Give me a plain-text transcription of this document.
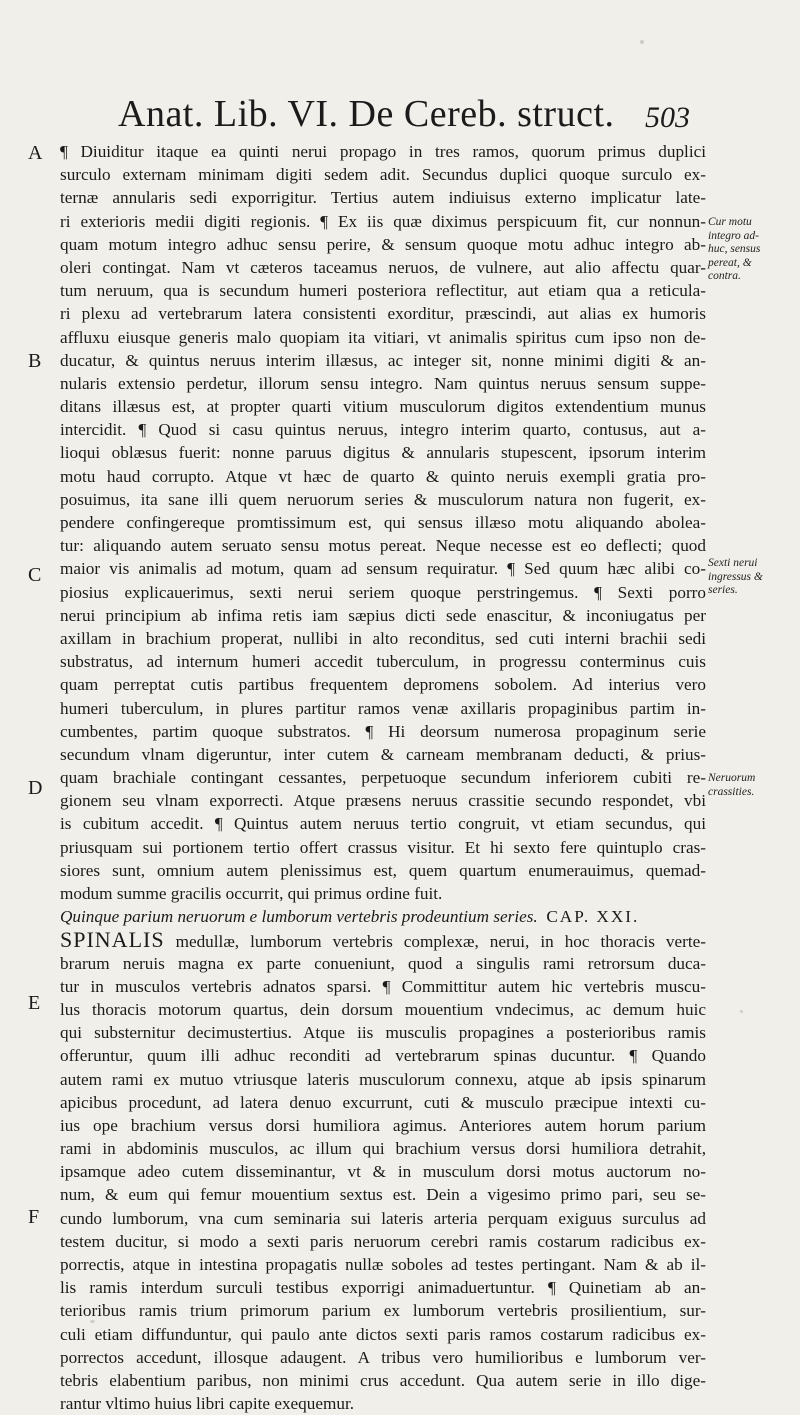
Anat. Lib. VI. De Cereb. struct. 503
A
B
C
D
E
F
Cur motu
integro ad-
huc, sensus
pereat, &
contra.
Sexti nerui
ingressus &
series.
Neruorum
crassities.
¶ Diuiditur itaque ea quinti nerui propago in tres ramos, quorum primus duplici
surculo externam minimam digiti sedem adit. Secundus duplici quoque surculo ex-
ternæ annularis sedi exporrigitur. Tertius autem indiuisus externo implicatur late-
ri exterioris medii digiti regionis. ¶ Ex iis quæ diximus perspicuum fit, cur nonnun-
quam motum integro adhuc sensu perire, & sensum quoque motu adhuc integro ab-
oleri contingat. Nam vt cæteros taceamus neruos, de vulnere, aut alio affectu quar-
tum neruum, qua is secundum humeri posteriora reflectitur, aut etiam qua a reticula-
ri plexu ad vertebrarum latera consistenti exorditur, præscindi, aut alias ex humoris
affluxu eiusque generis malo quopiam ita vitiari, vt animalis spiritus cum ipso non de-
ducatur, & quintus neruus interim illæsus, ac integer sit, nonne minimi digiti & an-
nularis extensio perdetur, illorum sensu integro. Nam quintus neruus sensum suppe-
ditans illæsus est, at propter quarti vitium musculorum digitos extendentium munus
intercidit. ¶ Quod si casu quintus neruus, integro interim quarto, contusus, aut a-
lioqui oblæsus fuerit: nonne paruus digitus & annularis stupescent, ipsorum interim
motu haud corrupto. Atque vt hæc de quarto & quinto neruis exempli gratia pro-
posuimus, ita sane illi quem neruorum series & musculorum natura non fugerit, ex-
pendere confingereque promtissimum est, qui sensus illæso motu aliquando abolea-
tur: aliquando autem seruato sensu motus pereat. Neque necesse est eo deflecti; quod
maior vis animalis ad motum, quam ad sensum requiratur. ¶ Sed quum hæc alibi co-
piosius explicauerimus, sexti nerui seriem quoque perstringemus. ¶ Sexti porro
nerui principium ab infima retis iam sæpius dicti sede enascitur, & inconiugatus per
axillam in brachium properat, nullibi in alto reconditus, sed cuti interni brachii sedi
substratus, ad internum humeri accedit tuberculum, in progressu conterminus cuis
quam perreptat cutis partibus frequentem depromens sobolem. Ad interius vero
humeri tuberculum, in plures partitur ramos venæ axillaris propaginibus partim in-
cumbentes, partim quoque substratos. ¶ Hi deorsum numerosa propaginum serie
secundum vlnam digeruntur, inter cutem & carneam membranam deducti, & prius-
quam brachiale contingant cessantes, perpetuoque secundum inferiorem cubiti re-
gionem seu vlnam exporrecti. Atque præsens neruus crassitie secundo respondet, vbi
is cubitum accedit. ¶ Quintus autem neruus tertio congruit, vt etiam secundus, qui
priusquam sui portionem tertio offert crassus visitur. Et hi sexto fere quintuplo cras-
siores sunt, omnium autem plenissimus est, quem quartum enumerauimus, quemad-
modum summe gracilis occurrit, qui primus ordine fuit.
Quinque parium neruorum e lumborum vertebris prodeuntium series. CAP. XXI.
SPINALIS medullæ, lumborum vertebris complexæ, nerui, in hoc thoracis verte-
brarum neruis magna ex parte conueniunt, quod a singulis rami retrorsum duca-
tur in musculos vertebris adnatos sparsi. ¶ Committitur autem hic vertebris muscu-
lus thoracis motorum quartus, dein dorsum mouentium vndecimus, ac demum huic
qui substernitur decimustertius. Atque iis musculis propagines a posterioribus ramis
offeruntur, quum illi adhuc reconditi ad vertebrarum spinas ducuntur. ¶ Quando
autem rami ex mutuo vtriusque lateris musculorum connexu, atque ab ipsis spinarum
apicibus procedunt, ad latera denuo excurrunt, cuti & musculo præcipue intexti cu-
ius ope brachium versus dorsi humiliora agimus. Anteriores autem horum parium
rami in abdominis musculos, ac illum qui brachium versus dorsi humiliora detrahit,
ipsamque adeo cutem disseminantur, vt & in musculum dorsi motus auctorum no-
num, & eum qui femur mouentium sextus est. Dein a vigesimo primo pari, seu se-
cundo lumborum, vna cum seminaria sui lateris arteria perquam exiguus surculus ad
testem ducitur, si modo a sexti paris neruorum cerebri ramis costarum radicibus ex-
porrectis, atque in intestina propagatis nullæ soboles ad testes pertingant. Nam & ab il-
lis ramis interdum surculi testibus exporrigi animaduertuntur. ¶ Quinetiam ab an-
terioribus ramis trium primorum parium ex lumborum vertebris prosilientium, sur-
culi etiam diffunduntur, qui paulo ante dictos sexti paris ramos costarum radicibus ex-
porrectos accedunt, illosque adaugent. A tribus vero humilioribus e lumborum ver-
tebris elabentium paribus, non minimi crus accedunt. Qua autem serie in illo dige-
rantur vltimo huius libri capite exequemur.
